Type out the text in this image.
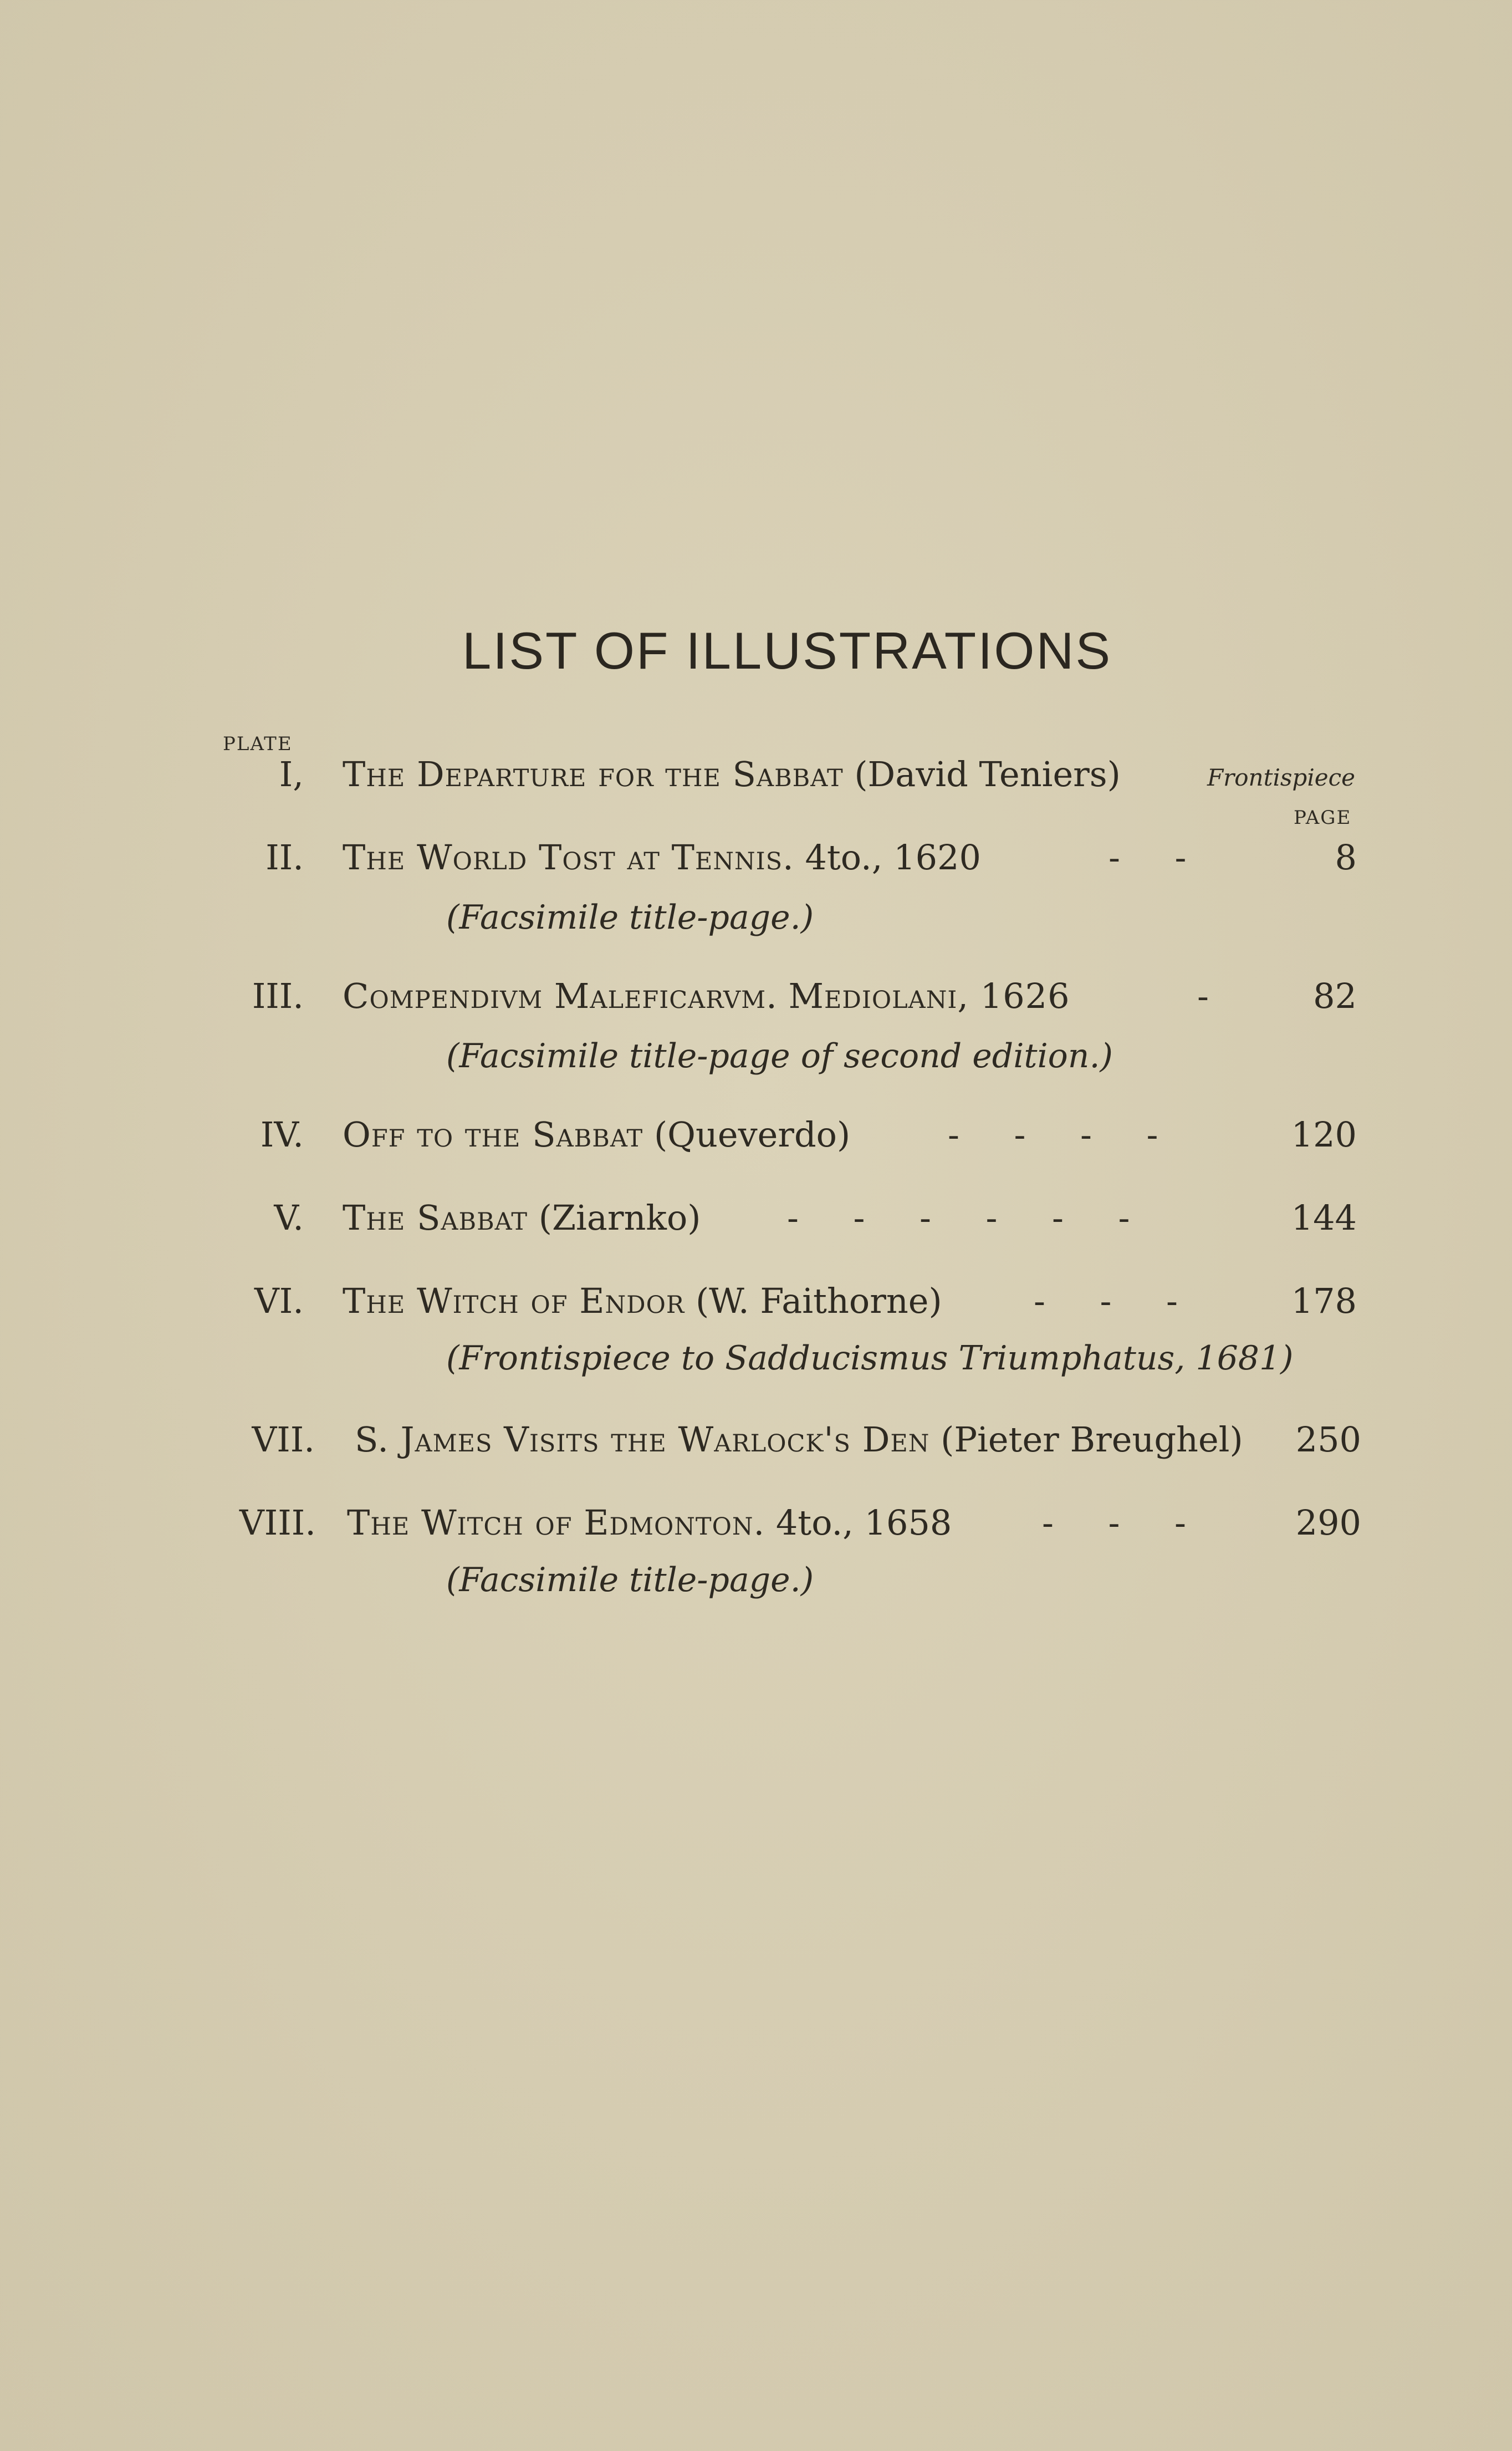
LIST OF ILLUSTRATIONS
PLATE
I, The Departure for the Sabbat (David Teniers)	Frontispiece
PAGE
II. The World Tost at Tennis. 4to., 1620	-     -	8
(Facsimile title-page.)
III. Compendivm Maleficarvm. Mediolani, 1626	-	82
(Facsimile title-page of second edition.)
IV. Off to the Sabbat (Queverdo)	-     -     -     -	120
V. The Sabbat (Ziarnko)	-     -     -     -     -     -	144
VI. The Witch of Endor (W. Faithorne)	-     -     -	178
(Frontispiece to Sadducismus Triumphatus, 1681)
VII. S. James Visits the Warlock's Den (Pieter Breughel) 250
VIII. The Witch of Edmonton. 4to., 1658	-     -     -	290
(Facsimile title-page.)
